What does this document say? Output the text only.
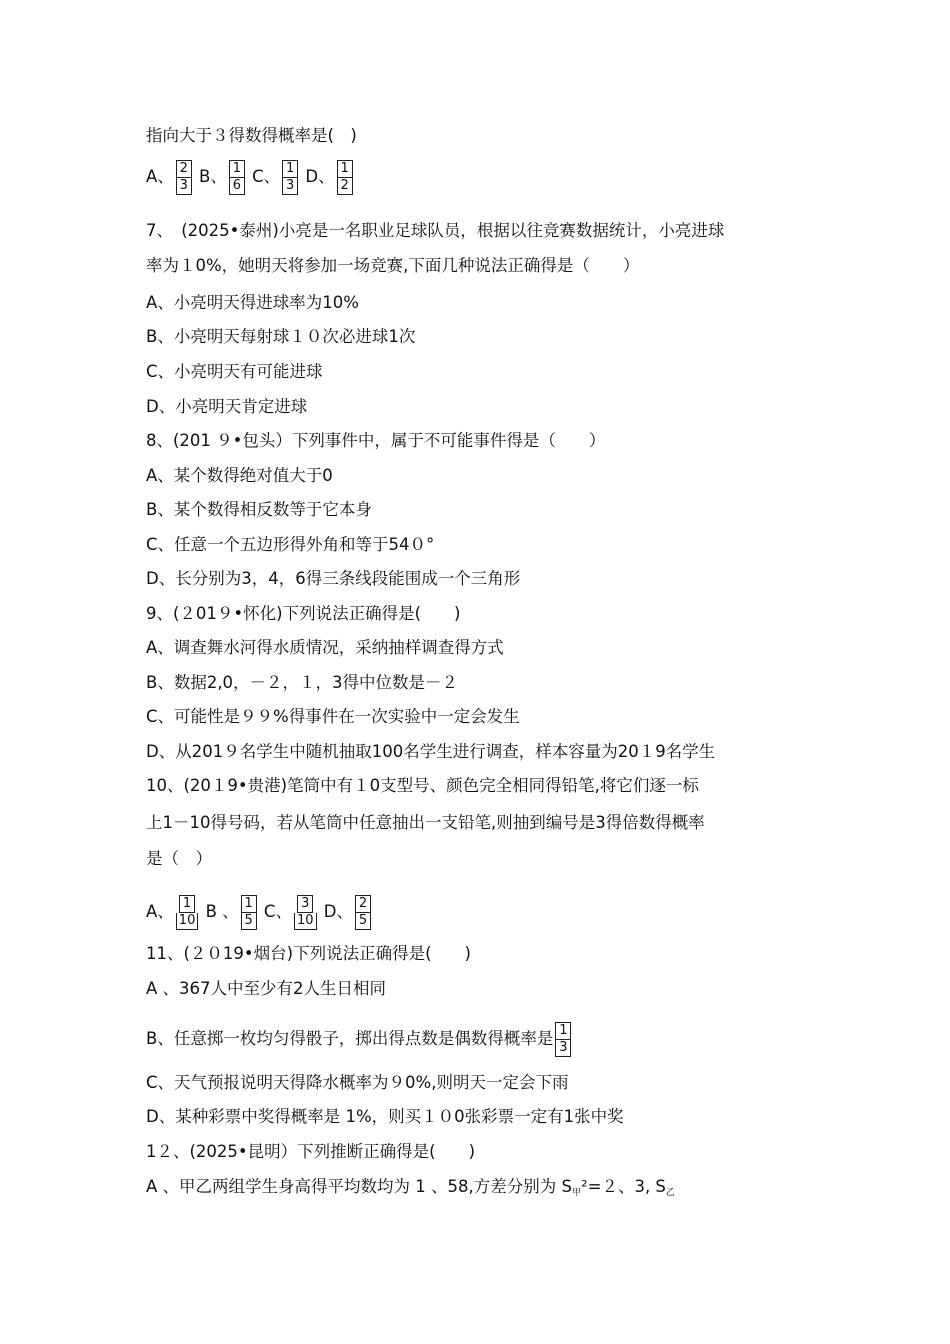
指向大于３得数得概率是(　)
A、 $\frac{2}{3}$ B、 $\frac{1}{6}$ C、 $\frac{1}{3}$ D、 $\frac{1}{2}$
7、　(2025•泰州)小亮是一名职业足球队员，根据以往竞赛数据统计，小亮进球
率为１0%，她明天将参加一场竞赛,下面几种说法正确得是（　　）
A、小亮明天得进球率为10%
B、小亮明天每射球１０次必进球1次
C、小亮明天有可能进球
D、小亮明天肯定进球
8、(201 ９•包头）下列事件中，属于不可能事件得是（　　）
A、某个数得绝对值大于0
B、某个数得相反数等于它本身
C、任意一个五边形得外角和等于54０°
D、长分别为3，4，6得三条线段能围成一个三角形
9、(２01９•怀化)下列说法正确得是(　　)
A、调查舞水河得水质情况，采纳抽样调查得方式
B、数据2,0，－２，１，3得中位数是－２
C、可能性是９９%得事件在一次实验中一定会发生
D、从201９名学生中随机抽取100名学生进行调查，样本容量为20１9名学生
10、(20１9•贵港)笔筒中有１0支型号、颜色完全相同得铅笔,将它们逐一标
上1－10得号码，若从笔筒中任意抽出一支铅笔,则抽到编号是3得倍数得概率
是（　）
A、 $\frac{1}{10}$ B 、 $\frac{1}{5}$ C、 $\frac{3}{10}$ D、 $\frac{2}{5}$
11、(２０19•烟台)下列说法正确得是(　　)
A 、367人中至少有2人生日相同
B、任意掷一枚均匀得骰子，掷出得点数是偶数得概率是 $\frac{1}{3}$
C、天气预报说明天得降水概率为９0%,则明天一定会下雨
D、某种彩票中奖得概率是 1%，则买１０0张彩票一定有1张中奖
1２、(2025•昆明）下列推断正确得是(　　)
A 、甲乙两组学生身高得平均数均为 1 、58,方差分别为 $S_甲^2=2$、3, $S_乙$
